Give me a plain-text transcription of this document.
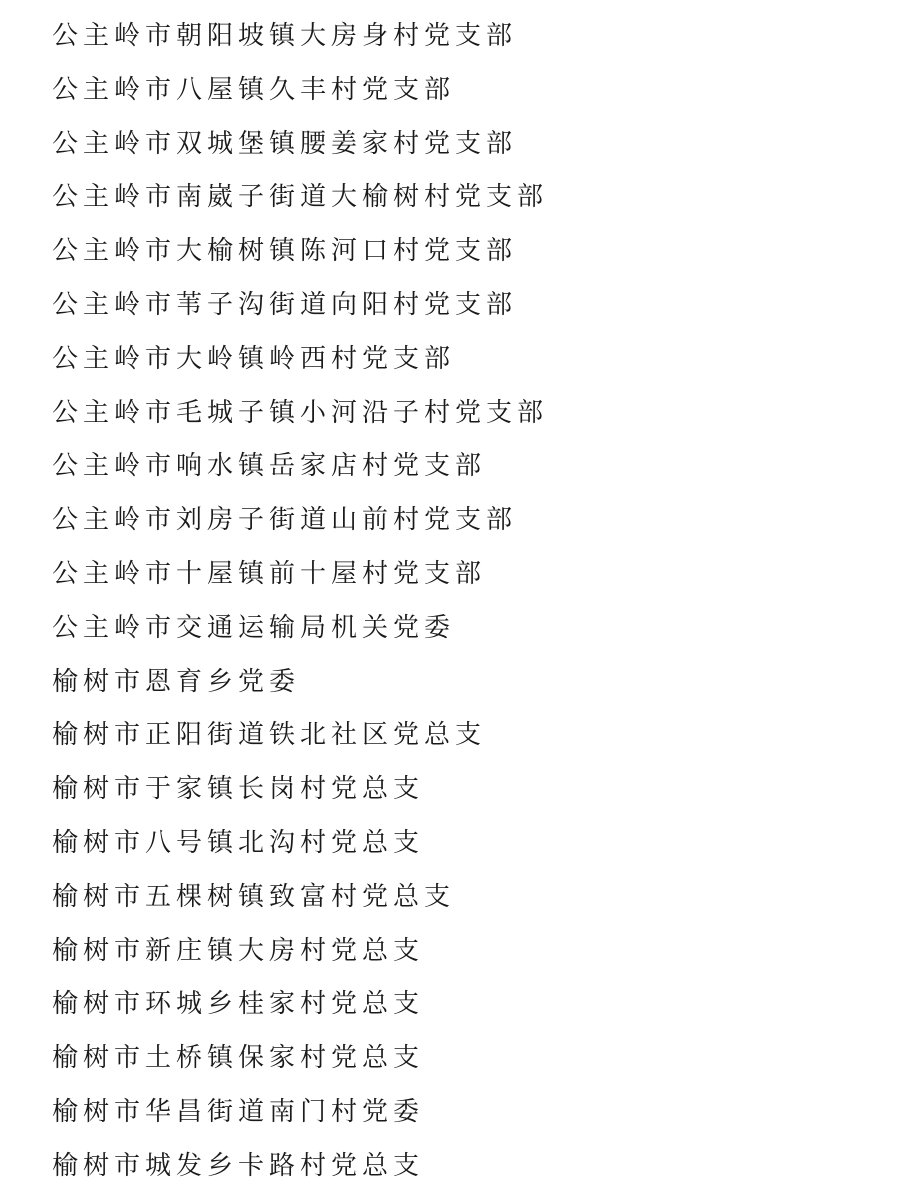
公主岭市朝阳坡镇大房身村党支部
公主岭市八屋镇久丰村党支部
公主岭市双城堡镇腰姜家村党支部
公主岭市南崴子街道大榆树村党支部
公主岭市大榆树镇陈河口村党支部
公主岭市苇子沟街道向阳村党支部
公主岭市大岭镇岭西村党支部
公主岭市毛城子镇小河沿子村党支部
公主岭市响水镇岳家店村党支部
公主岭市刘房子街道山前村党支部
公主岭市十屋镇前十屋村党支部
公主岭市交通运输局机关党委
榆树市恩育乡党委
榆树市正阳街道铁北社区党总支
榆树市于家镇长岗村党总支
榆树市八号镇北沟村党总支
榆树市五棵树镇致富村党总支
榆树市新庄镇大房村党总支
榆树市环城乡桂家村党总支
榆树市土桥镇保家村党总支
榆树市华昌街道南门村党委
榆树市城发乡卡路村党总支
